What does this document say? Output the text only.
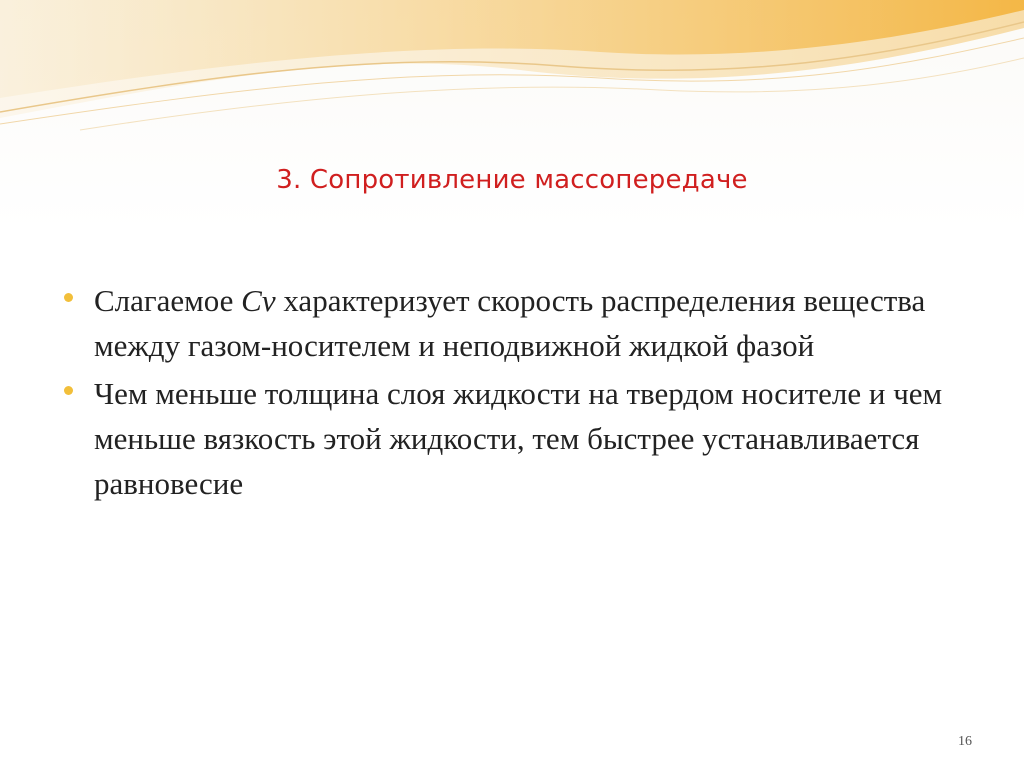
3. Сопротивление массопередаче
Слагаемое Cv характеризует скорость распределения вещества между газом-носителем и неподвижной жидкой фазой
Чем меньше толщина слоя жидкости на твердом носителе и чем меньше вязкость этой жидкости, тем быстрее устанавливается равновесие
16
